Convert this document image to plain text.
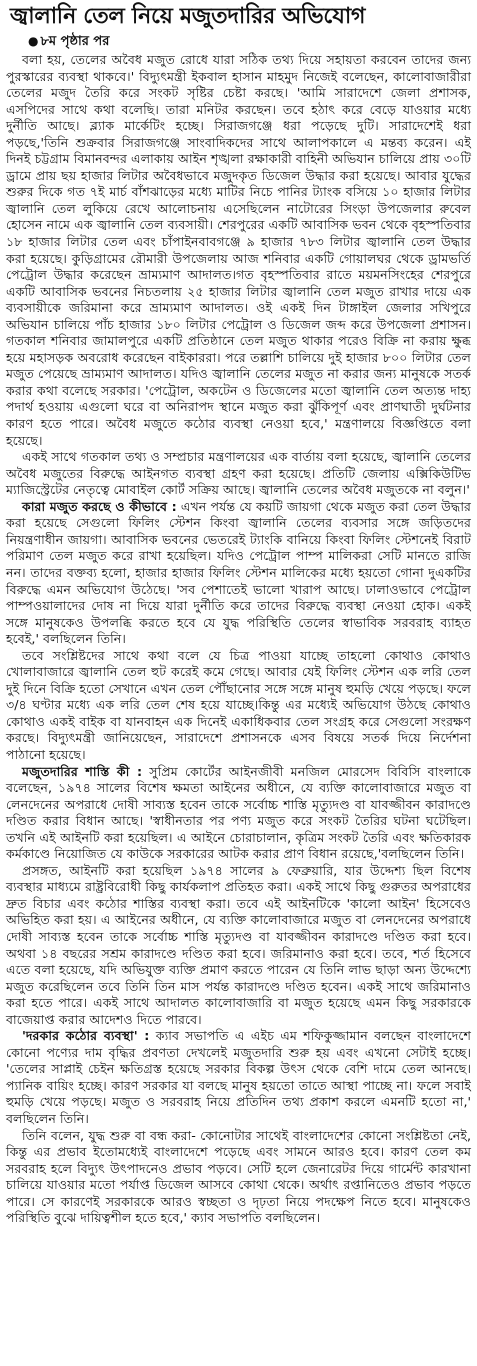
জ্বালানি তেল নিয়ে মজুতদারির অভিযোগ
● ৮ম পৃষ্ঠার পর

বলা হয়, তেলের অবৈধ মজুত রোধে যারা সঠিক তথ্য দিয়ে সহায়তা করবেন তাদের জন্য পুরস্কারের ব্যবস্থা থাকবে।' বিদ্যুৎমন্ত্রী ইকবাল হাসান মাহমুদ নিজেই বলেছেন, কালোবাজারীরা তেলের মজুদ তৈরি করে সংকট সৃষ্টির চেষ্টা করছে। 'আমি সারাদেশে জেলা প্রশাসক, এসপিদের সাথে কথা বলেছি। তারা মনিটর করছেন। তবে হঠাৎ করে বেড়ে যাওয়ার মধ্যে দুর্নীতি আছে। ব্ল্যাক মার্কেটিং হচ্ছে। সিরাজগঞ্জে ধরা পড়েছে দুটি। সারাদেশেই ধরা পড়ছে,'তিনি শুক্রবার সিরাজগঞ্জে সাংবাদিকদের সাথে আলাপকালে এ মন্তব্য করেন। এই দিনই চট্টগ্রাম বিমানবন্দর এলাকায় আইন শৃঙ্খলা রক্ষাকারী বাহিনী অভিযান চালিয়ে প্রায় ৩০টি ড্রামে প্রায় ছয় হাজার লিটার অবৈধভাবে মজুদকৃত ডিজেল উদ্ধার করা হয়েছে। আবার যুদ্ধের শুরুর দিকে গত ৭ই মার্চ বাঁশঝাড়ের মধ্যে মাটির নিচে পানির ট্যাংক বসিয়ে ১০ হাজার লিটার জ্বালানি তেল লুকিয়ে রেখে আলোচনায় এসেছিলেন নাটোরের সিংড়া উপজেলার রুবেল হোসেন নামে এক জ্বালানি তেল ব্যবসায়ী। শেরপুরের একটি আবাসিক ভবন থেকে বৃহস্পতিবার ১৮ হাজার লিটার তেল এবং চাঁপাইনবাবগঞ্জে ৯ হাজার ৭৮৩ লিটার জ্বালানি তেল উদ্ধার করা হয়েছে। কুড়িগ্রামের রৌমারী উপজেলায় আজ শনিবার একটি গোয়ালঘর থেকে ড্রামভর্তি পেট্রোল উদ্ধার করেছেন ভ্রাম্যমাণ আদালত।গত বৃহস্পতিবার রাতে ময়মনসিংহের শেরপুরে একটি আবাসিক ভবনের নিচতলায় ২৫ হাজার লিটার জ্বালানি তেল মজুত রাখার দায়ে এক ব্যবসায়ীকে জরিমানা করে ভ্রাম্যমাণ আদালত। ওই একই দিন টাঙ্গাইল জেলার সখিপুরে অভিযান চালিয়ে পাঁচ হাজার ১৮০ লিটার পেট্রোল ও ডিজেল জব্দ করে উপজেলা প্রশাসন। গতকাল শনিবার জামালপুরে একটি প্রতিষ্ঠানে তেল মজুত থাকার পরেও বিক্রি না করায় ক্ষুব্ধ হয়ে মহাসড়ক অবরোধ করেছেন বাইকাররা। পরে তল্লাশি চালিয়ে দুই হাজার ৮০০ লিটার তেল মজুত পেয়েছে ভ্রাম্যমাণ আদালত। যদিও জ্বালানি তেলের মজুত না করার জন্য মানুষকে সতর্ক করার কথা বলেছে সরকার। 'পেট্রোল, অকটেন ও ডিজেলের মতো জ্বালানি তেল অত্যন্ত দাহ্য পদার্থ হওয়ায় এগুলো ঘরে বা অনিরাপদ স্থানে মজুত করা ঝুঁকিপূর্ণ এবং প্রাণঘাতী দুর্ঘটনার কারণ হতে পারে। অবৈধ মজুতে কঠোর ব্যবস্থা নেওয়া হবে,' মন্ত্রণালয়ে বিজ্ঞপ্তিতে বলা হয়েছে।

একই সাথে গতকাল তথ্য ও সম্প্রচার মন্ত্রণালয়ের এক বার্তায় বলা হয়েছে, জ্বালানি তেলের অবৈধ মজুতের বিরুদ্ধে আইনগত ব্যবস্থা গ্রহণ করা হয়েছে। প্রতিটি জেলায় এক্সিকিউটিভ ম্যাজিস্ট্রেটের নেতৃত্বে মোবাইল কোর্ট সক্রিয় আছে। জ্বালানি তেলের অবৈধ মজুতকে না বলুন।'

কারা মজুত করছে ও কীভাবে : এখন পর্যন্ত যে কয়টি জায়গা থেকে মজুত করা তেল উদ্ধার করা হয়েছে সেগুলো ফিলিং স্টেশন কিংবা জ্বালানি তেলের ব্যবসার সঙ্গে জড়িতদের নিয়ন্ত্রণাধীন জায়গা। আবাসিক ভবনের ভেতরেই ট্যাংকি বানিয়ে কিংবা ফিলিং স্টেশনেই বিরাট পরিমাণ তেল মজুত করে রাখা হয়েছিল। যদিও পেট্রোল পাম্প মালিকরা সেটি মানতে রাজি নন। তাদের বক্তব্য হলো, হাজার হাজার ফিলিং স্টেশন মালিকের মধ্যে হয়তো গোনা দুএকটির বিরুদ্ধে এমন অভিযোগ উঠেছে। 'সব পেশাতেই ভালো খারাপ আছে। ঢালাওভাবে পেট্রোল পাম্পওয়ালাদের দোষ না দিয়ে যারা দুর্নীতি করে তাদের বিরুদ্ধে ব্যবস্থা নেওয়া হোক। একই সঙ্গে মানুষকেও উপলব্ধি করতে হবে যে যুদ্ধ পরিস্থিতি তেলের স্বাভাবিক সরবরাহ ব্যাহত হবেই,' বলছিলেন তিনি।

তবে সংশ্লিষ্টদের সাথে কথা বলে যে চিত্র পাওয়া যাচ্ছে তাহলো কোথাও কোথাও খোলাবাজারে জ্বালানি তেল হুট করেই কমে গেছে। আবার যেই ফিলিং স্টেশন এক লরি তেল দুই দিনে বিক্রি হতো সেখানে এখন তেল পৌঁছানোর সঙ্গে সঙ্গে মানুষ হুমড়ি খেয়ে পড়ছে। ফলে ৩/৪ ঘণ্টার মধ্যে এক লরি তেল শেষ হয়ে যাচ্ছে।কিন্তু এর মধ্যেই অভিযোগ উঠছে কোথাও কোথাও একই বাইক বা যানবাহন এক দিনেই একাধিকবার তেল সংগ্রহ করে সেগুলো সংরক্ষণ করছে। বিদ্যুৎমন্ত্রী জানিয়েছেন, সারাদেশে প্রশাসনকে এসব বিষয়ে সতর্ক দিয়ে নির্দেশনা পাঠানো হয়েছে।

মজুতদারির শাস্তি কী : সুপ্রিম কোর্টের আইনজীবী মনজিল মোরসেদ বিবিসি বাংলাকে বলেছেন, ১৯৭৪ সালের বিশেষ ক্ষমতা আইনের অধীনে, যে ব্যক্তি কালোবাজারে মজুত বা লেনদেনের অপরাধে দোষী সাব্যস্ত হবেন তাকে সর্বোচ্চ শাস্তি মৃত্যুদণ্ড বা যাবজ্জীবন কারাদণ্ডে দণ্ডিত করার বিধান আছে। 'স্বাধীনতার পর পণ্য মজুত করে সংকট তৈরির ঘটনা ঘটেছিল। তখনি এই আইনটি করা হয়েছিল। এ আইনে চোরাচালান, কৃত্রিম সংকট তৈরি এবং ক্ষতিকারক কর্মকাণ্ডে নিয়োজিত যে কাউকে সরকারের আটক করার প্রাণ বিধান রয়েছে,'বলছিলেন তিনি।

প্রসঙ্গত, আইনটি করা হয়েছিল ১৯৭৪ সালের ৯ ফেব্রুয়ারি, যার উদ্দেশ্য ছিল বিশেষ ব্যবস্থার মাধ্যমে রাষ্ট্রবিরোধী কিছু কার্যকলাপ প্রতিহত করা। একই সাথে কিছু গুরুতর অপরাধের দ্রুত বিচার এবং কঠোর শাস্তির ব্যবস্থা করা। তবে এই আইনটিকে 'কালো আইন' হিসেবেও অভিহিত করা হয়। এ আইনের অধীনে, যে ব্যক্তি কালোবাজারে মজুত বা লেনদেনের অপরাধে দোষী সাব্যস্ত হবেন তাকে সর্বোচ্চ শাস্তি মৃত্যুদণ্ড বা যাবজ্জীবন কারাদণ্ডে দণ্ডিত করা হবে। অথবা ১৪ বছরের সশ্রম কারাদণ্ডে দণ্ডিত করা হবে। জরিমানাও করা হবে। তবে, শর্ত হিসেবে এতে বলা হয়েছে, যদি অভিযুক্ত ব্যক্তি প্রমাণ করতে পারেন যে তিনি লাভ ছাড়া অন্য উদ্দেশ্যে মজুত করেছিলেন তবে তিনি তিন মাস পর্যন্ত কারাদণ্ডে দণ্ডিত হবেন। একই সাথে জরিমানাও করা হতে পারে। একই সাথে আদালত কালোবাজারি বা মজুত হয়েছে এমন কিছু সরকারকে বাজেয়াপ্ত করার আদেশও দিতে পারবে।

'দরকার কঠোর ব্যবস্থা' : ক্যাব সভাপতি এ এইচ এম শফিকুজ্জামান বলছেন বাংলাদেশে কোনো পণ্যের দাম বৃদ্ধির প্রবণতা দেখলেই মজুতদারি শুরু হয় এবং এখনো সেটাই হচ্ছে। 'তেলের সাপ্লাই চেইন ক্ষতিগ্রস্ত হয়েছে সরকার বিকল্প উৎস থেকে বেশি দামে তেল আনছে। প্যানিক বায়িং হচ্ছে। কারণ সরকার যা বলছে মানুষ হয়তো তাতে আস্থা পাচ্ছে না। ফলে সবাই হুমড়ি খেয়ে পড়ছে। মজুত ও সরবরাহ নিয়ে প্রতিদিন তথ্য প্রকাশ করলে এমনটি হতো না,' বলছিলেন তিনি।

তিনি বলেন, যুদ্ধ শুরু বা বন্ধ করা- কোনোটার সাথেই বাংলাদেশের কোনো সংশ্লিষ্টতা নেই, কিন্তু এর প্রভাব ইতোমধ্যেই বাংলাদেশে পড়েছে এবং সামনে আরও হবে। কারণ তেল কম সরবরাহ হলে বিদ্যুৎ উৎপাদনেও প্রভাব পড়বে। সেটি হলে জেনারেটর দিয়ে গার্মেন্ট কারখানা চালিয়ে যাওয়ার মতো পর্যাপ্ত ডিজেল আসবে কোথা থেকে। অর্থাৎ রপ্তানিতেও প্রভাব পড়তে পারে। সে কারণেই সরকারকে আরও স্বচ্ছতা ও দৃঢ়তা নিয়ে পদক্ষেপ নিতে হবে। মানুষকেও পরিস্থিতি বুঝে দায়িত্বশীল হতে হবে,' ক্যাব সভাপতি বলছিলেন।
